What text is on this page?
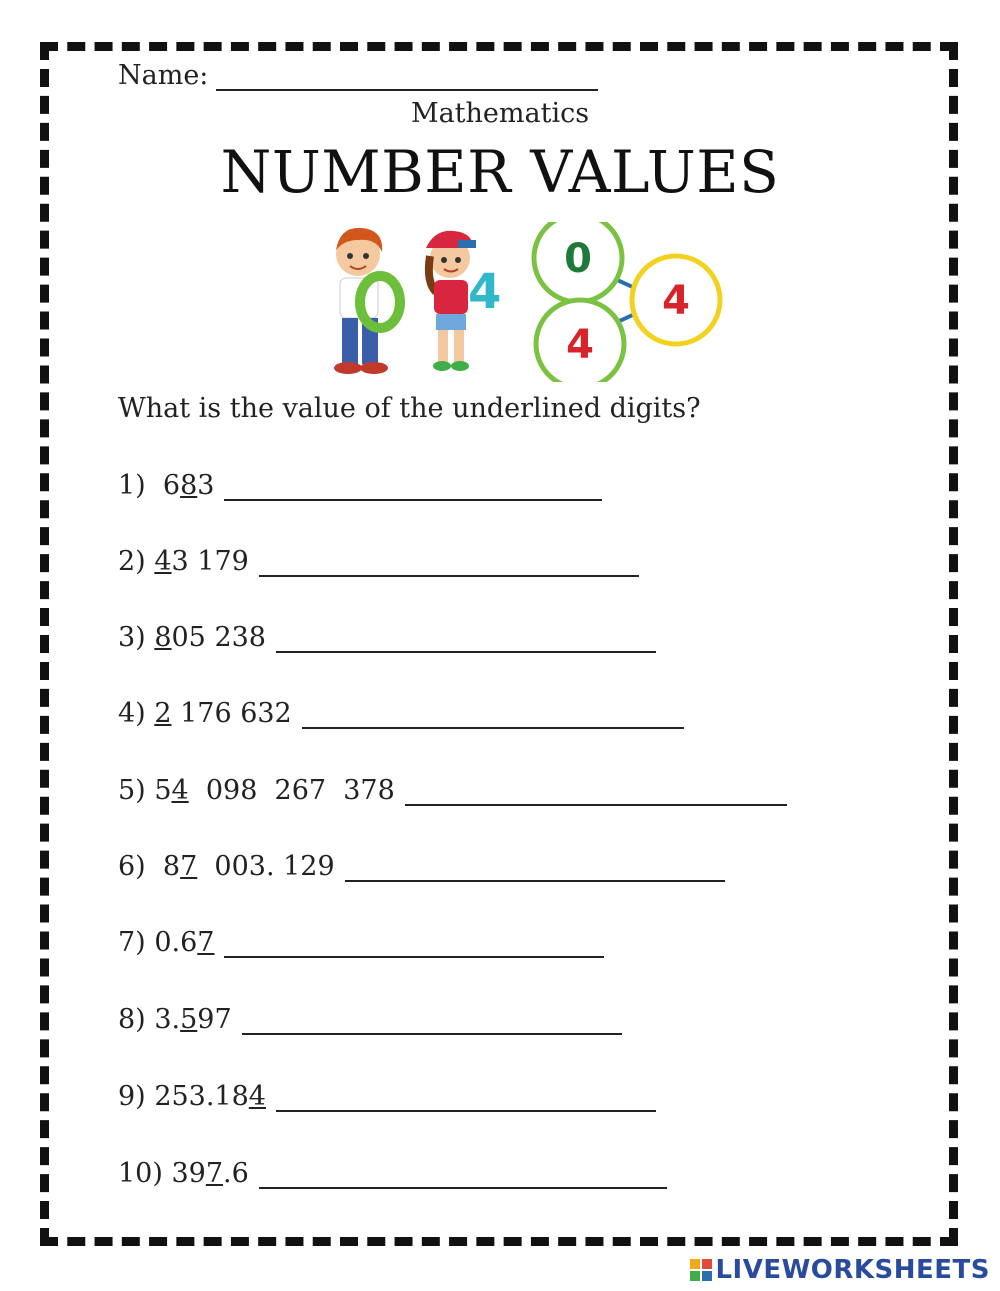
Name:
Mathematics
NUMBER VALUES
4
0
4
4
What is the value of the underlined digits?
1) 683
2) 43 179
3) 805 238
4) 2 176 632
5) 54  098  267  378
6)  87  003. 129
7) 0.67
8) 3.597
9) 253.184
10) 397.6
LIVEWORKSHEETS
